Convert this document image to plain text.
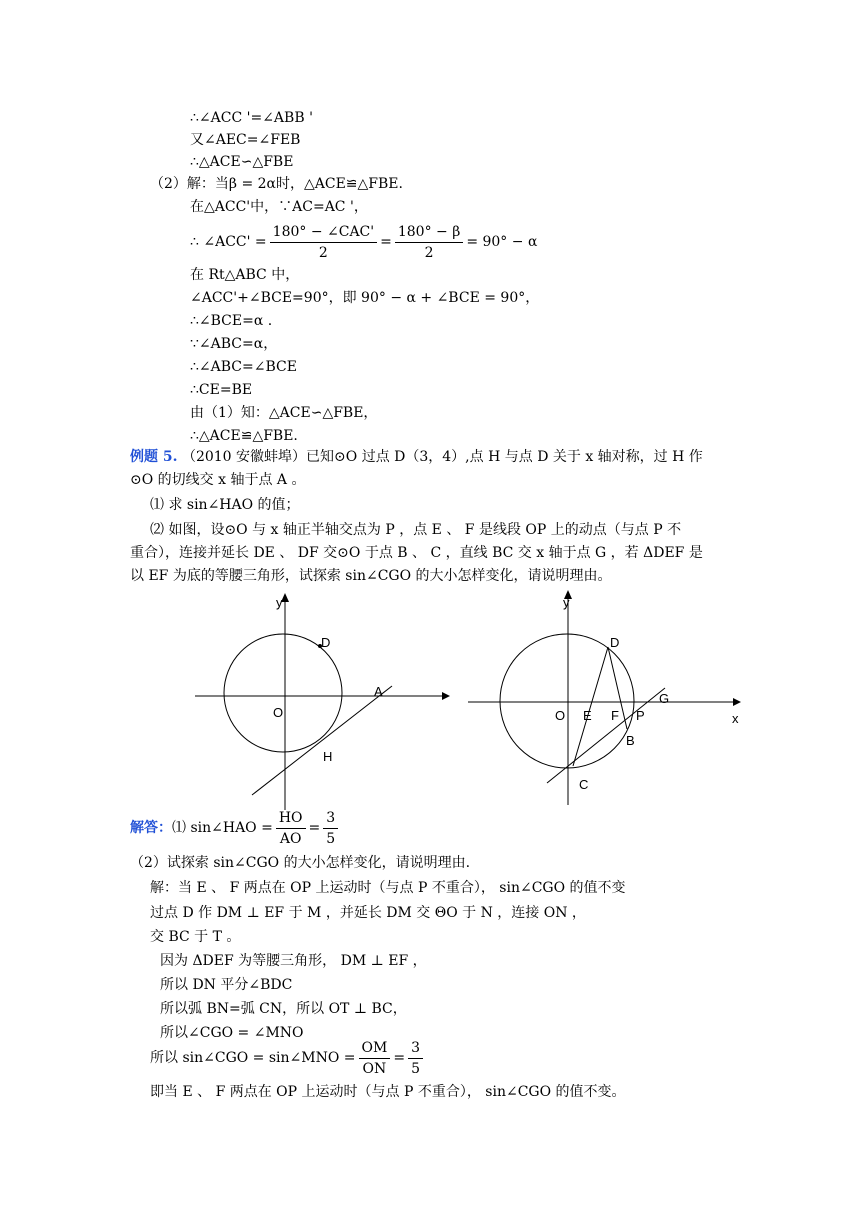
∴∠ACC '=∠ABB '
又∠AEC=∠FEB
∴△ACE∽△FBE
（2）解：当β = 2α时，△ACE≌△FBE.
在△ACC'中，∵AC=AC '，
∴ ∠ACC' = $\frac{\text{180° − ∠CAC'}}{2} = \frac{180^\circ - \beta}{2} = 90^\circ - \alpha$
在 Rt△ABC 中，
∠ACC'+∠BCE=90°，即 90° − α + ∠BCE = 90°，
∴∠BCE=α .
∵∠ABC=α，
∴∠ABC=∠BCE
∴CE=BE
由（1）知：△ACE∽△FBE，
∴△ACE≌△FBE.
例题 5. （2010 安徽蚌埠）已知⊙O 过点 D（3，4）,点 H 与点 D 关于 x 轴对称，过 H 作
⊙O 的切线交 x 轴于点 A 。
⑴ 求 sin∠HAO 的值；
⑵ 如图，设⊙O 与 x 轴正半轴交点为 P ，点 E 、 F 是线段 OP 上的动点（与点 P 不
重合），连接并延长 DE 、 DF 交⊙O 于点 B 、 C ，直线 BC 交 x 轴于点 G ，若 ΔDEF 是
以 EF 为底的等腰三角形，试探索 sin∠CGO 的大小怎样变化，请说明理由。
y
D
A
O
H
y
D
G
O E F P	x
B
C
解答： ⑴ sin∠HAO = $\frac{HO}{AO} = \frac{3}{5}$
（2）试探索 sin∠CGO 的大小怎样变化，请说明理由.
解：当 E 、 F 两点在 OP 上运动时（与点 P 不重合）， sin∠CGO 的值不变
过点 D 作 DM ⊥ EF 于 M ，并延长 DM 交 ΘO 于 N ，连接 ON ，
交 BC 于 T 。
因为 ΔDEF 为等腰三角形， DM ⊥ EF ，
所以 DN 平分∠BDC
所以弧 BN=弧 CN，所以 OT ⊥ BC，
所以∠CGO = ∠MNO
所以 sin∠CGO = sin∠MNO = $\frac{OM}{ON} = \frac{3}{5}$
即当 E 、 F 两点在 OP 上运动时（与点 P 不重合）， sin∠CGO 的值不变。
